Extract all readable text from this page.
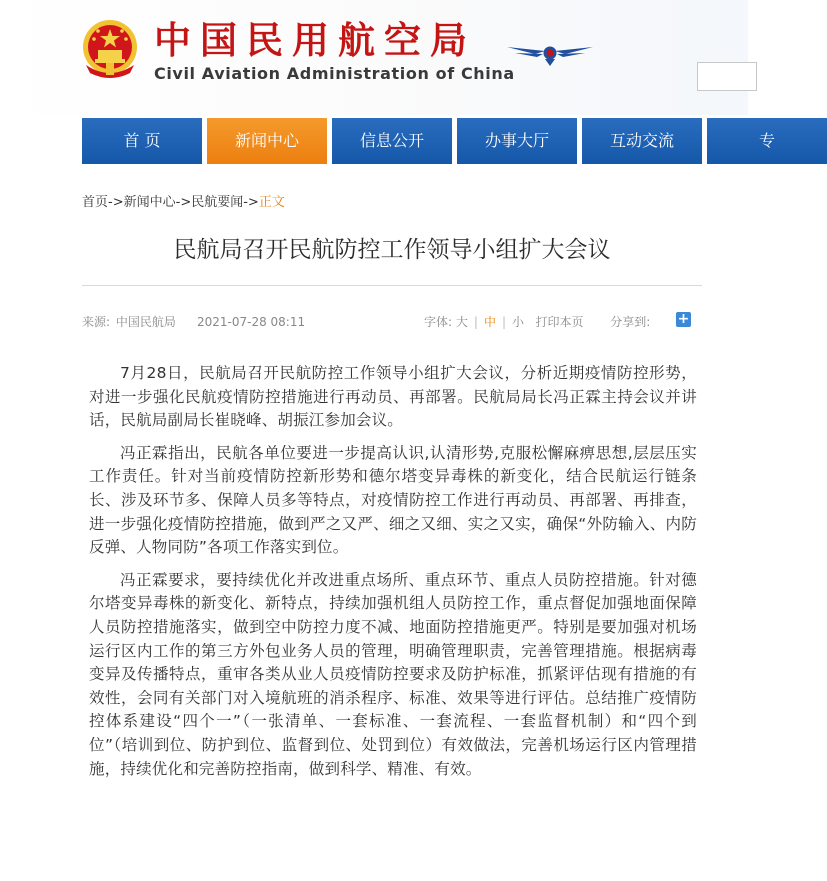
中国民用航空局
Civil Aviation Administration of China
首 页	新闻中心	信息公开	办事大厅	互动交流	专
首页->新闻中心->民航要闻->正文
民航局召开民航防控工作领导小组扩大会议
来源: 中国民航局 2021-07-28 08:11	字体: 大 | 中 | 小 打印本页 分享到: +

7月28日，民航局召开民航防控工作领导小组扩大会议，分析近期疫情防控形势，对进一步强化民航疫情防控措施进行再动员、再部署。民航局局长冯正霖主持会议并讲话，民航局副局长崔晓峰、胡振江参加会议。

冯正霖指出，民航各单位要进一步提高认识,认清形势,克服松懈麻痹思想,层层压实工作责任。针对当前疫情防控新形势和德尔塔变异毒株的新变化，结合民航运行链条长、涉及环节多、保障人员多等特点，对疫情防控工作进行再动员、再部署、再排查，进一步强化疫情防控措施，做到严之又严、细之又细、实之又实，确保“外防输入、内防反弹、人物同防”各项工作落实到位。

冯正霖要求，要持续优化并改进重点场所、重点环节、重点人员防控措施。针对德尔塔变异毒株的新变化、新特点，持续加强机组人员防控工作，重点督促加强地面保障人员防控措施落实，做到空中防控力度不减、地面防控措施更严。特别是要加强对机场运行区内工作的第三方外包业务人员的管理，明确管理职责，完善管理措施。根据病毒变异及传播特点，重审各类从业人员疫情防控要求及防护标准，抓紧评估现有措施的有效性，会同有关部门对入境航班的消杀程序、标准、效果等进行评估。总结推广疫情防控体系建设“四个一”（一张清单、一套标准、一套流程、一套监督机制）和“四个到位”（培训到位、防护到位、监督到位、处罚到位）有效做法，完善机场运行区内管理措施，持续优化和完善防控指南，做到科学、精准、有效。
